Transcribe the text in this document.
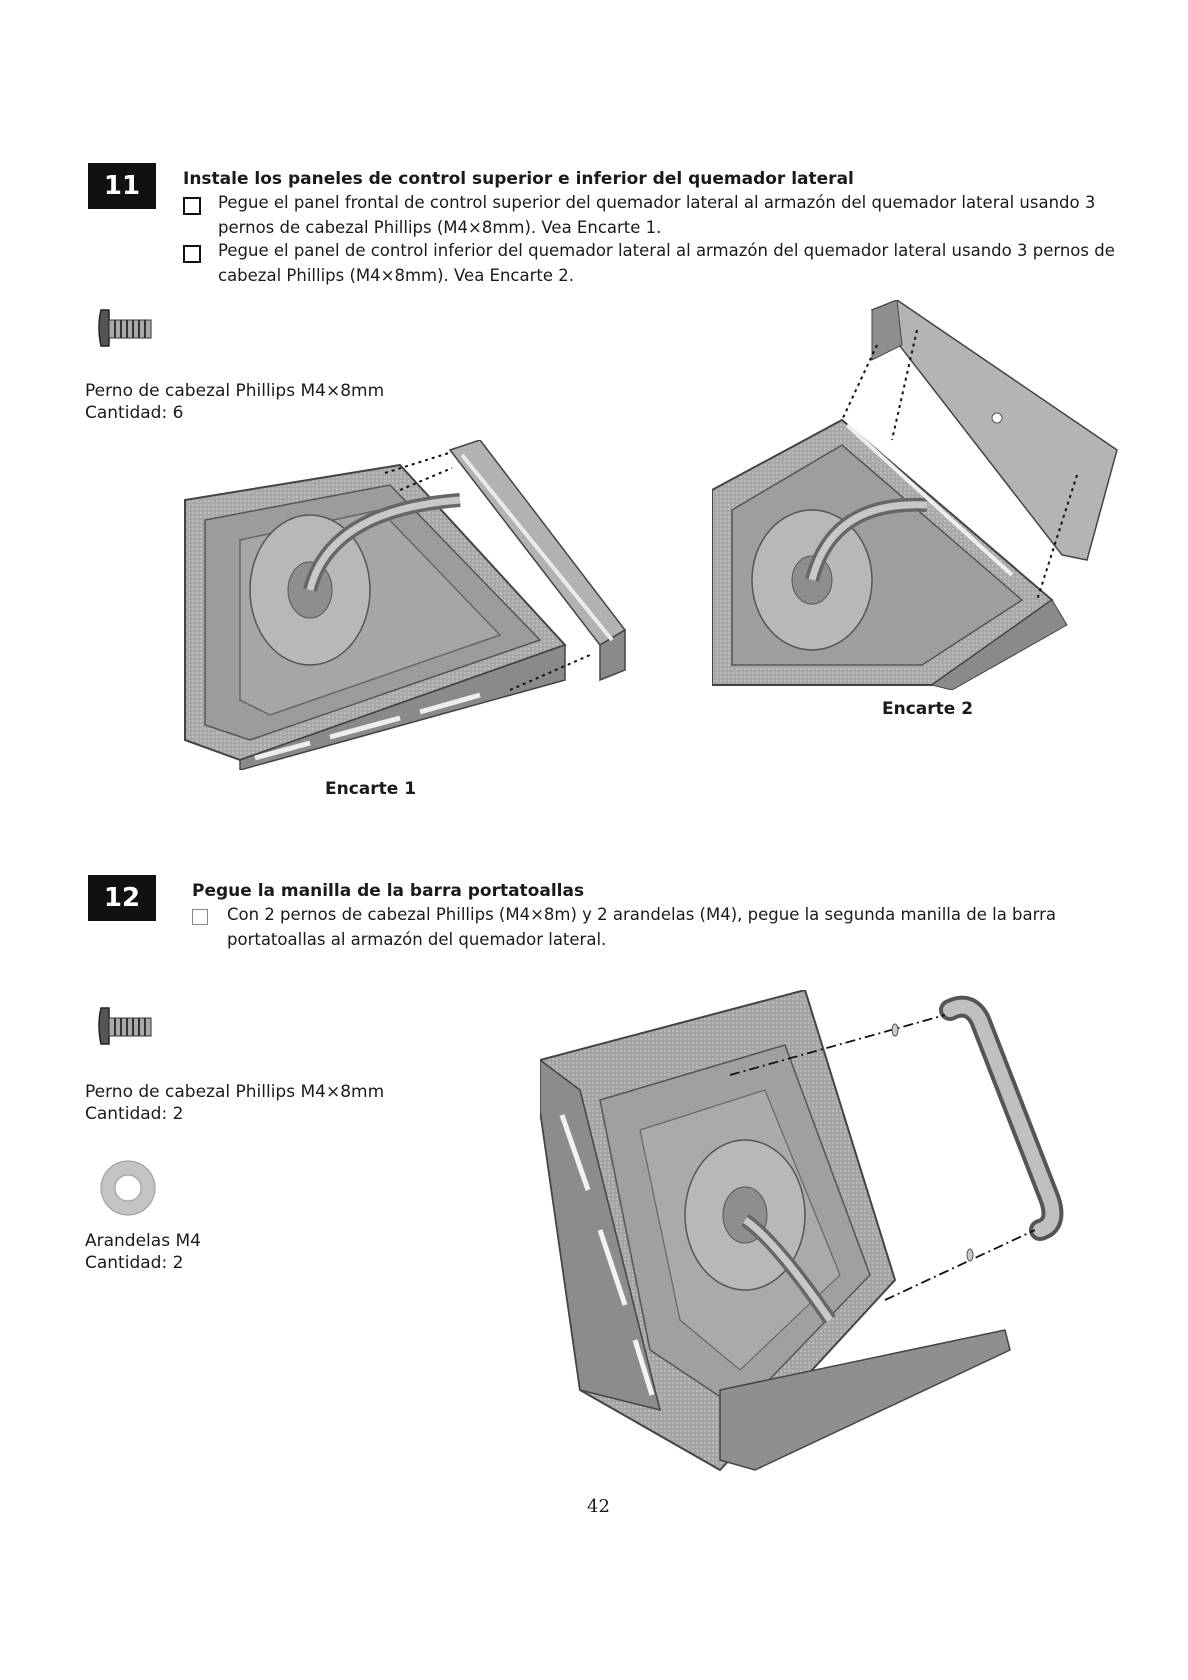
11	Instale los paneles de control superior e inferior del quemador lateral
Pegue el panel frontal de control superior del quemador lateral al armazón del quemador lateral usando 3 pernos de cabezal Phillips (M4×8mm). Vea Encarte 1.
Pegue el panel de control inferior del quemador lateral al armazón del quemador lateral usando 3 pernos de cabezal Phillips (M4×8mm). Vea Encarte 2.
Perno de cabezal Phillips M4×8mm
Cantidad: 6
Encarte 1
Encarte 2
12	Pegue la manilla de la barra portatoallas
Con 2 pernos de cabezal Phillips (M4×8m) y 2 arandelas (M4), pegue la segunda manilla de la barra portatoallas al armazón del quemador lateral.
Perno de cabezal Phillips M4×8mm
Cantidad: 2
Arandelas M4
Cantidad: 2
42
